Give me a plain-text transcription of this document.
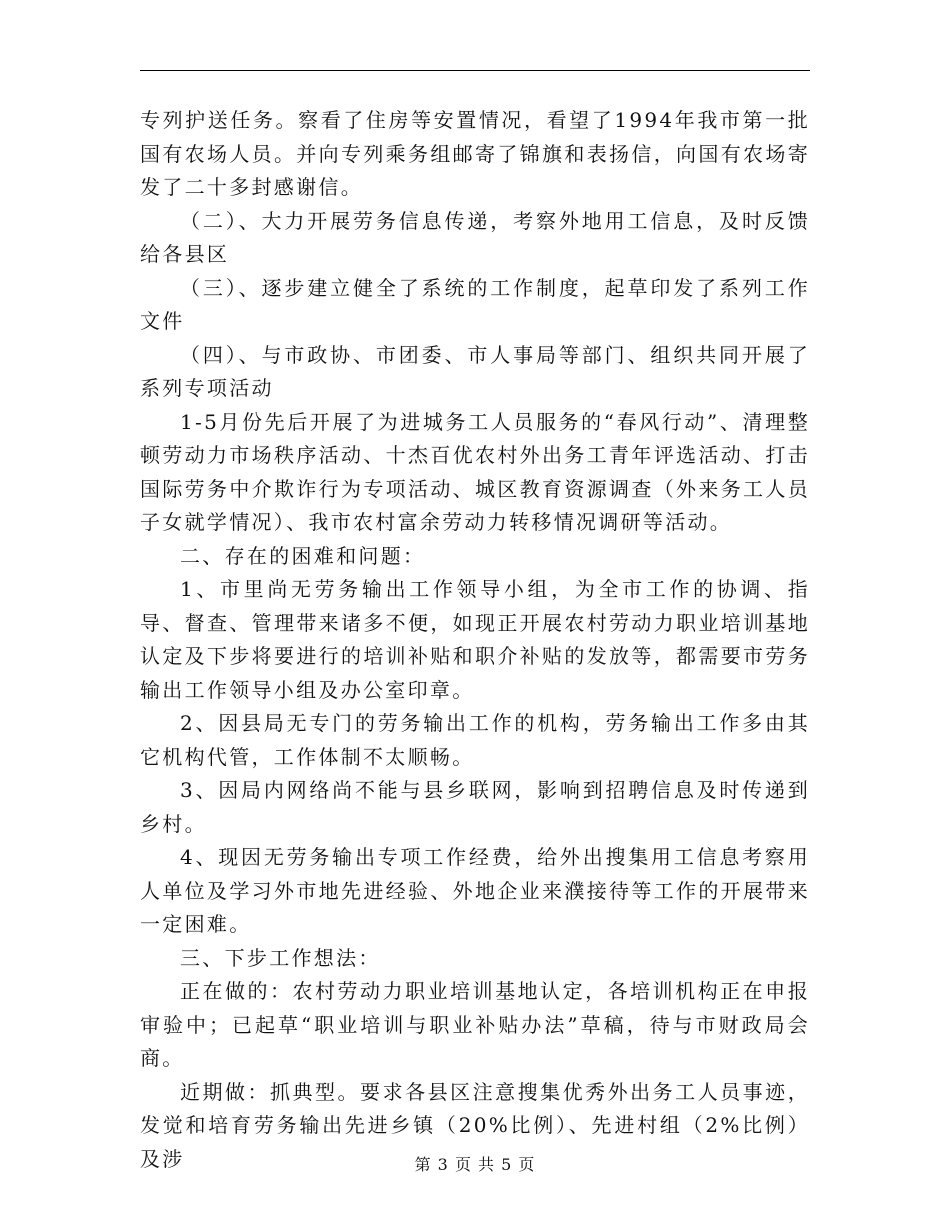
专列护送任务。察看了住房等安置情况，看望了1994年我市第一批国有农场人员。并向专列乘务组邮寄了锦旗和表扬信，向国有农场寄发了二十多封感谢信。

（二）、大力开展劳务信息传递，考察外地用工信息，及时反馈给各县区

（三）、逐步建立健全了系统的工作制度，起草印发了系列工作文件

（四）、与市政协、市团委、市人事局等部门、组织共同开展了系列专项活动

1-5月份先后开展了为进城务工人员服务的“春风行动”、清理整顿劳动力市场秩序活动、十杰百优农村外出务工青年评选活动、打击国际劳务中介欺诈行为专项活动、城区教育资源调查（外来务工人员子女就学情况）、我市农村富余劳动力转移情况调研等活动。

二、存在的困难和问题：

1、市里尚无劳务输出工作领导小组，为全市工作的协调、指导、督查、管理带来诸多不便，如现正开展农村劳动力职业培训基地认定及下步将要进行的培训补贴和职介补贴的发放等，都需要市劳务输出工作领导小组及办公室印章。

2、因县局无专门的劳务输出工作的机构，劳务输出工作多由其它机构代管，工作体制不太顺畅。

3、因局内网络尚不能与县乡联网，影响到招聘信息及时传递到乡村。

4、现因无劳务输出专项工作经费，给外出搜集用工信息考察用人单位及学习外市地先进经验、外地企业来濮接待等工作的开展带来一定困难。

三、下步工作想法：

正在做的：农村劳动力职业培训基地认定，各培训机构正在申报审验中；已起草“职业培训与职业补贴办法”草稿，待与市财政局会商。

近期做：抓典型。要求各县区注意搜集优秀外出务工人员事迹，发觉和培育劳务输出先进乡镇（20%比例）、先进村组（2%比例）及涉	第 3 页 共 5 页
